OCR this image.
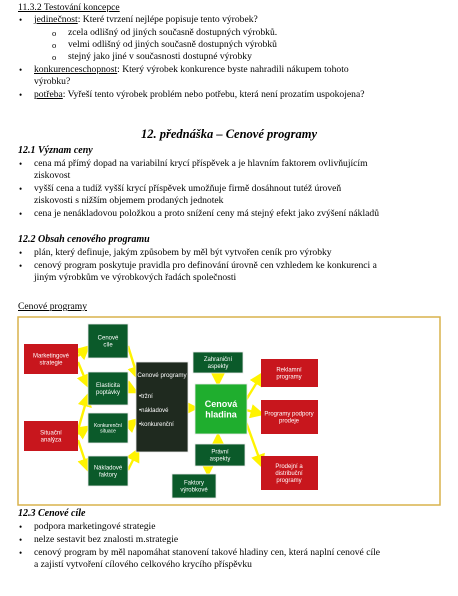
11.3.2 Testování koncepce
• jedinečnost: Které tvrzení nejlépe popisuje tento výrobek?
o zcela odlišný od jiných současně dostupných výrobků.
o velmi odlišný od jiných současně dostupných výrobků
o stejný jako jiné v současnosti dostupné výrobky
• konkurenceschopnost: Který výrobek konkurence byste nahradili nákupem tohoto
výrobku?
• potřeba: Vyřeší tento výrobek problém nebo potřebu, která není prozatím uspokojena?
12. přednáška – Cenové programy
12.1 Význam ceny
• cena má přímý dopad na variabilní krycí příspěvek a je hlavním faktorem ovlivňujícím
ziskovost
• vyšší cena a tudíž vyšší krycí příspěvek umožňuje firmě dosáhnout tutéž úroveň
ziskovosti s nižším objemem prodaných jednotek
• cena je nenákladovou položkou a proto snížení ceny má stejný efekt jako zvýšení nákladů
12.2 Obsah cenového programu
• plán, který definuje, jakým způsobem by měl být vytvořen ceník pro výrobky
• cenový program poskytuje pravidla pro definování úrovně cen vzhledem ke konkurenci a
jiným výrobkům ve výrobkových řadách společnosti
Cenové programy
Marketingové strategie
Situační analýza
Reklamní programy
Programy podpory prodeje
Prodejní a distribuční programy
Cenové cíle
Elasticita poptávky
Konkurenční situace
Nákladové faktory
Cenové programy
•tržní
•nákladové
•konkurenční
Zahraniční aspekty
Cenová hladina
Právní aspekty
Faktory výrobkové
12.3 Cenové cíle
• podpora marketingové strategie
• nelze sestavit bez znalosti m.strategie
• cenový program by měl napomáhat stanovení takové hladiny cen, která naplní cenové cíle
a zajistí vytvoření cílového celkového krycího příspěvku
